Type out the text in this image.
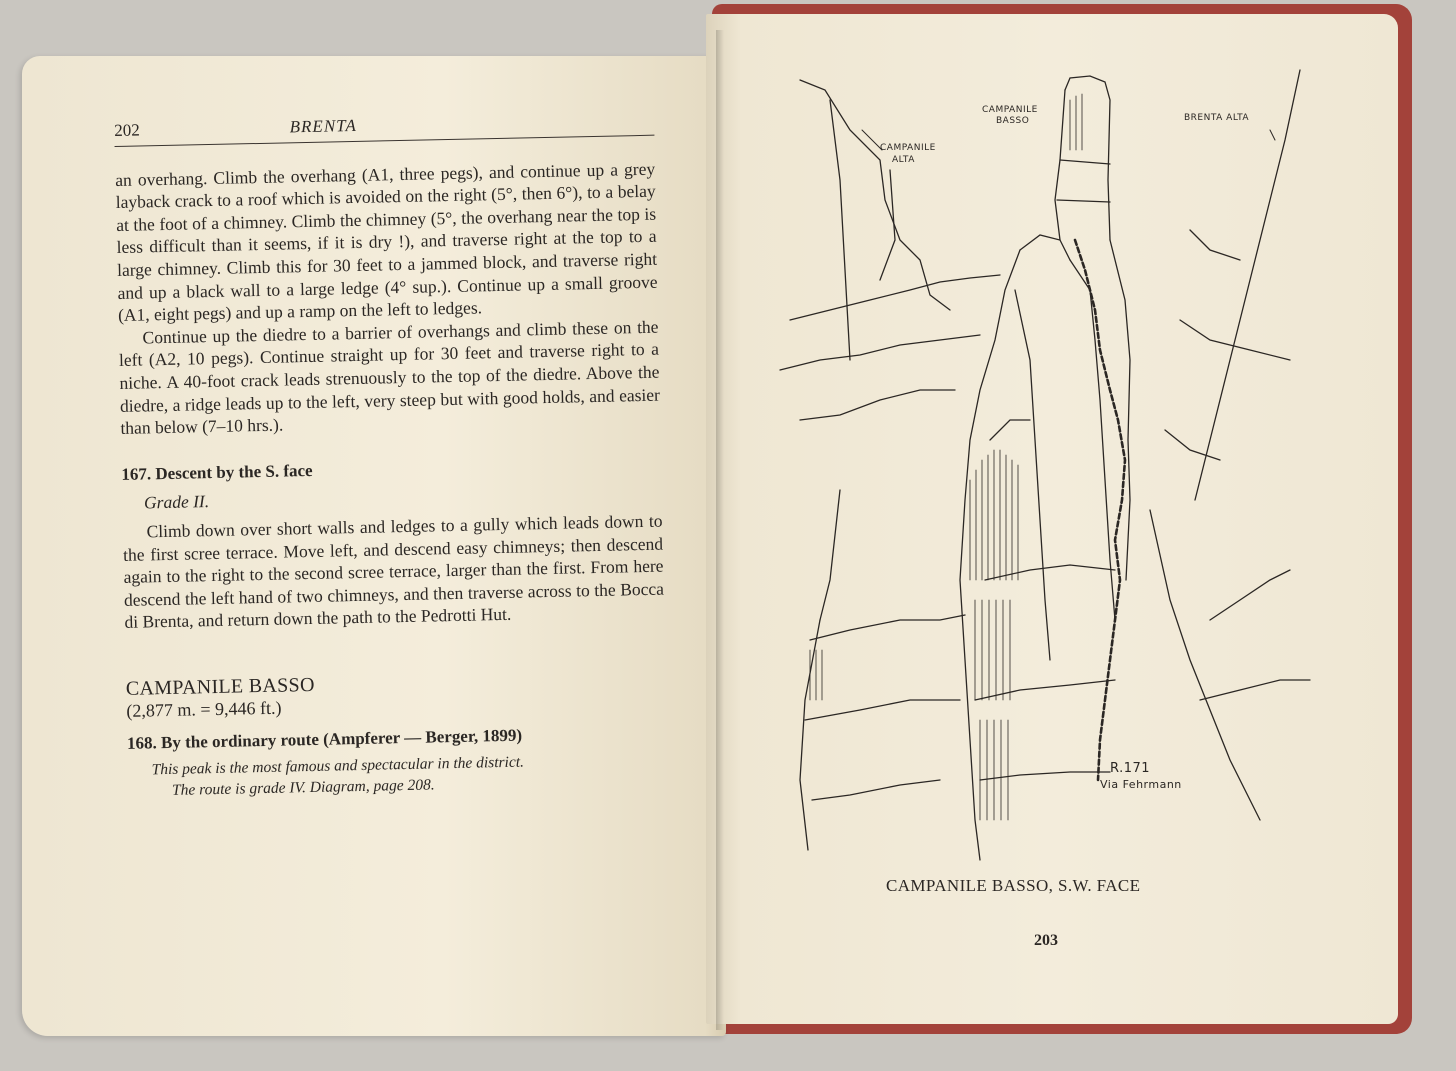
202	BRENTA

an overhang. Climb the overhang (A1, three pegs), and continue up a grey layback crack to a roof which is avoided on the right (5°, then 6°), to a belay at the foot of a chimney. Climb the chimney (5°, the overhang near the top is less difficult than it seems, if it is dry !), and traverse right at the top to a large chimney. Climb this for 30 feet to a jammed block, and traverse right and up a black wall to a large ledge (4° sup.). Continue up a small groove (A1, eight pegs) and up a ramp on the left to ledges.

Continue up the diedre to a barrier of overhangs and climb these on the left (A2, 10 pegs). Continue straight up for 30 feet and traverse right to a niche. A 40-foot crack leads strenuously to the top of the diedre. Above the diedre, a ridge leads up to the left, very steep but with good holds, and easier than below (7–10 hrs.).

167. Descent by the S. face
Grade II.

Climb down over short walls and ledges to a gully which leads down to the first scree terrace. Move left, and descend easy chimneys; then descend again to the right to the second scree terrace, larger than the first. From here descend the left hand of two chimneys, and then traverse across to the Bocca di Brenta, and return down the path to the Pedrotti Hut.

CAMPANILE BASSO
(2,877 m. = 9,446 ft.)
168. By the ordinary route (Ampferer — Berger, 1899)
This peak is the most famous and spectacular in the district.
The route is grade IV. Diagram, page 208.
CAMPANILE
BASSO
CAMPANILE
ALTA
BRENTA ALTA
R.171
Via Fehrmann
CAMPANILE BASSO, S.W. FACE
203
